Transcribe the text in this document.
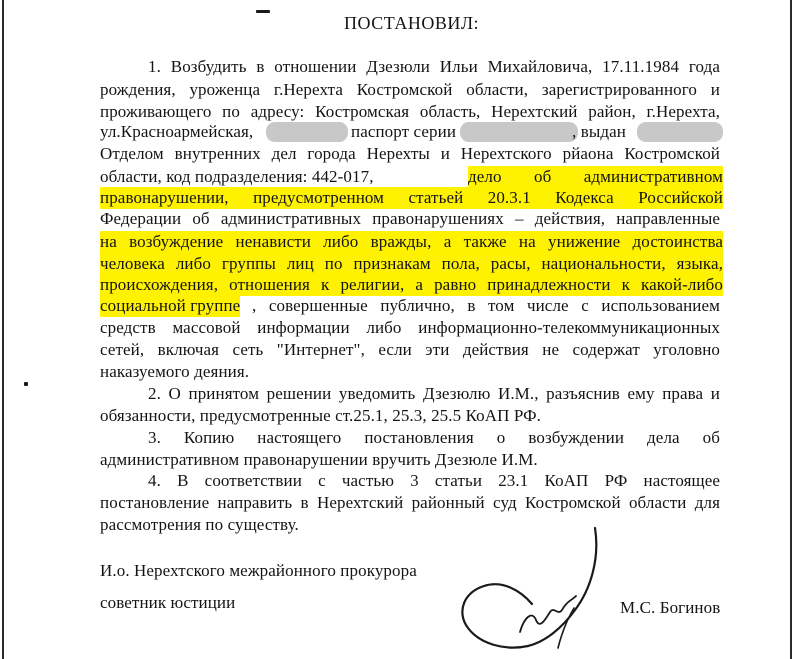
ПОСТАНОВИЛ:
1. Возбудить в отношении Дзезюли Ильи Михайловича, 17.11.1984 года
рождения, уроженца г.Нерехта Костромской области, зарегистрированного и
проживающего по адресу: Костромская область, Нерехтский район, г.Нерехта,
ул.Красноармейская,	паспорт серии	, выдан
Отделом внутренних дел города Нерехты и Нерехтского рйаона Костромской
области, код подразделения: 442-017,	дело об административном
правонарушении, предусмотренном статьей 20.3.1 Кодекса Российской
Федерации об административных правонарушениях – действия, направленные
на возбуждение ненависти либо вражды, а также на унижение достоинства
человека либо группы лиц по признакам пола, расы, национальности, языка,
происхождения, отношения к религии, а равно принадлежности к какой-либо
социальной группе , совершенные публично, в том числе с использованием
средств массовой информации либо информационно-телекоммуникационных
сетей, включая сеть "Интернет", если эти действия не содержат уголовно
наказуемого деяния.
2. О принятом решении уведомить Дзезюлю И.М., разъяснив ему права и
обязанности, предусмотренные ст.25.1, 25.3, 25.5 КоАП РФ.
3. Копию настоящего постановления о возбуждении дела об
административном правонарушении вручить Дзезюле И.М.
4. В соответствии с частью 3 статьи 23.1 КоАП РФ настоящее
постановление направить в Нерехтский районный суд Костромской области для
рассмотрения по существу.
И.о. Нерехтского межрайонного прокурора
советник юстиции	М.С. Богинов
